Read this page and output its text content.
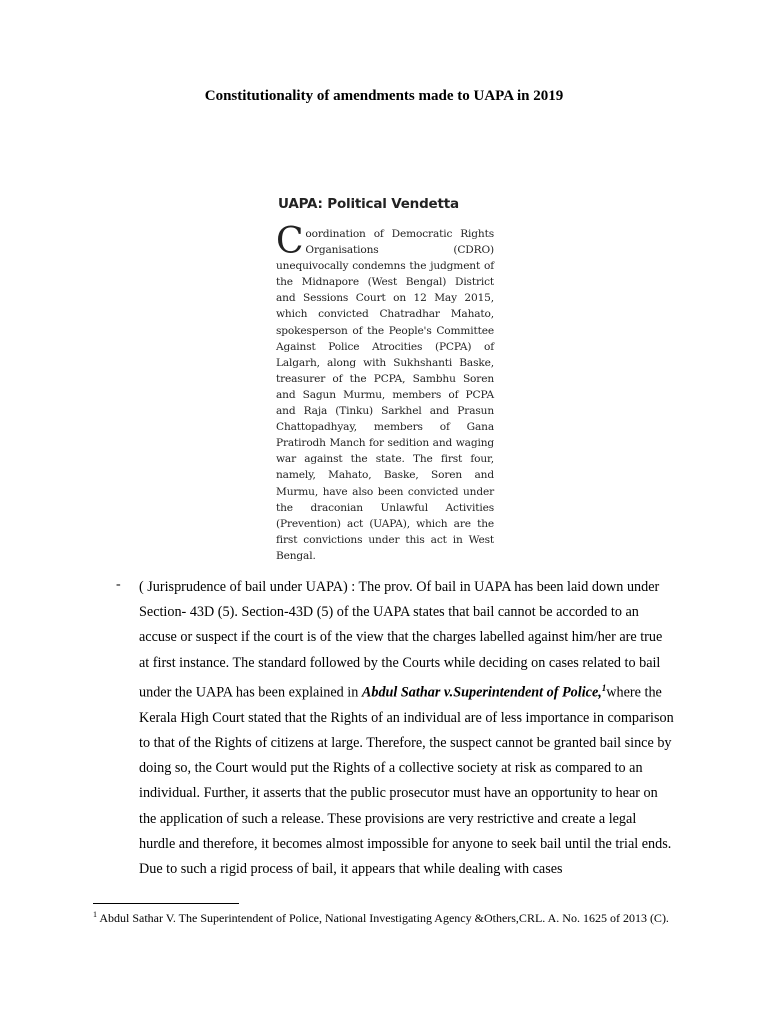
Constitutionality of amendments made to UAPA in 2019
UAPA: Political Vendetta

Coordination of Democratic Rights Organisations (CDRO) unequivocally condemns the judgment of the Midnapore (West Bengal) District and Sessions Court on 12 May 2015, which convicted Chatradhar Mahato, spokesperson of the People's Committee Against Police Atrocities (PCPA) of Lalgarh, along with Sukhshanti Baske, treasurer of the PCPA, Sambhu Soren and Sagun Murmu, members of PCPA and Raja (Tinku) Sarkhel and Prasun Chattopadhyay, members of Gana Pratirodh Manch for sedition and waging war against the state. The first four, namely, Mahato, Baske, Soren and Murmu, have also been convicted under the draconian Unlawful Activities (Prevention) act (UAPA), which are the first convictions under this act in West Bengal.

- ( Jurisprudence of bail under UAPA) : The prov. Of bail in UAPA has been laid down under Section- 43D (5). Section-43D (5) of the UAPA states that bail cannot be accorded to an accuse or suspect if the court is of the view that the charges labelled against him/her are true at first instance. The standard followed by the Courts while deciding on cases related to bail under the UAPA has been explained in Abdul Sathar v.Superintendent of Police,$^1$where the Kerala High Court stated that the Rights of an individual are of less importance in comparison to that of the Rights of citizens at large. Therefore, the suspect cannot be granted bail since by doing so, the Court would put the Rights of a collective society at risk as compared to an individual. Further, it asserts that the public prosecutor must have an opportunity to hear on the application of such a release. These provisions are very restrictive and create a legal hurdle and therefore, it becomes almost impossible for anyone to seek bail until the trial ends. Due to such a rigid process of bail, it appears that while dealing with cases

$^1$ Abdul Sathar V. The Superintendent of Police, National Investigating Agency &Others,CRL. A. No. 1625 of 2013 (C).
